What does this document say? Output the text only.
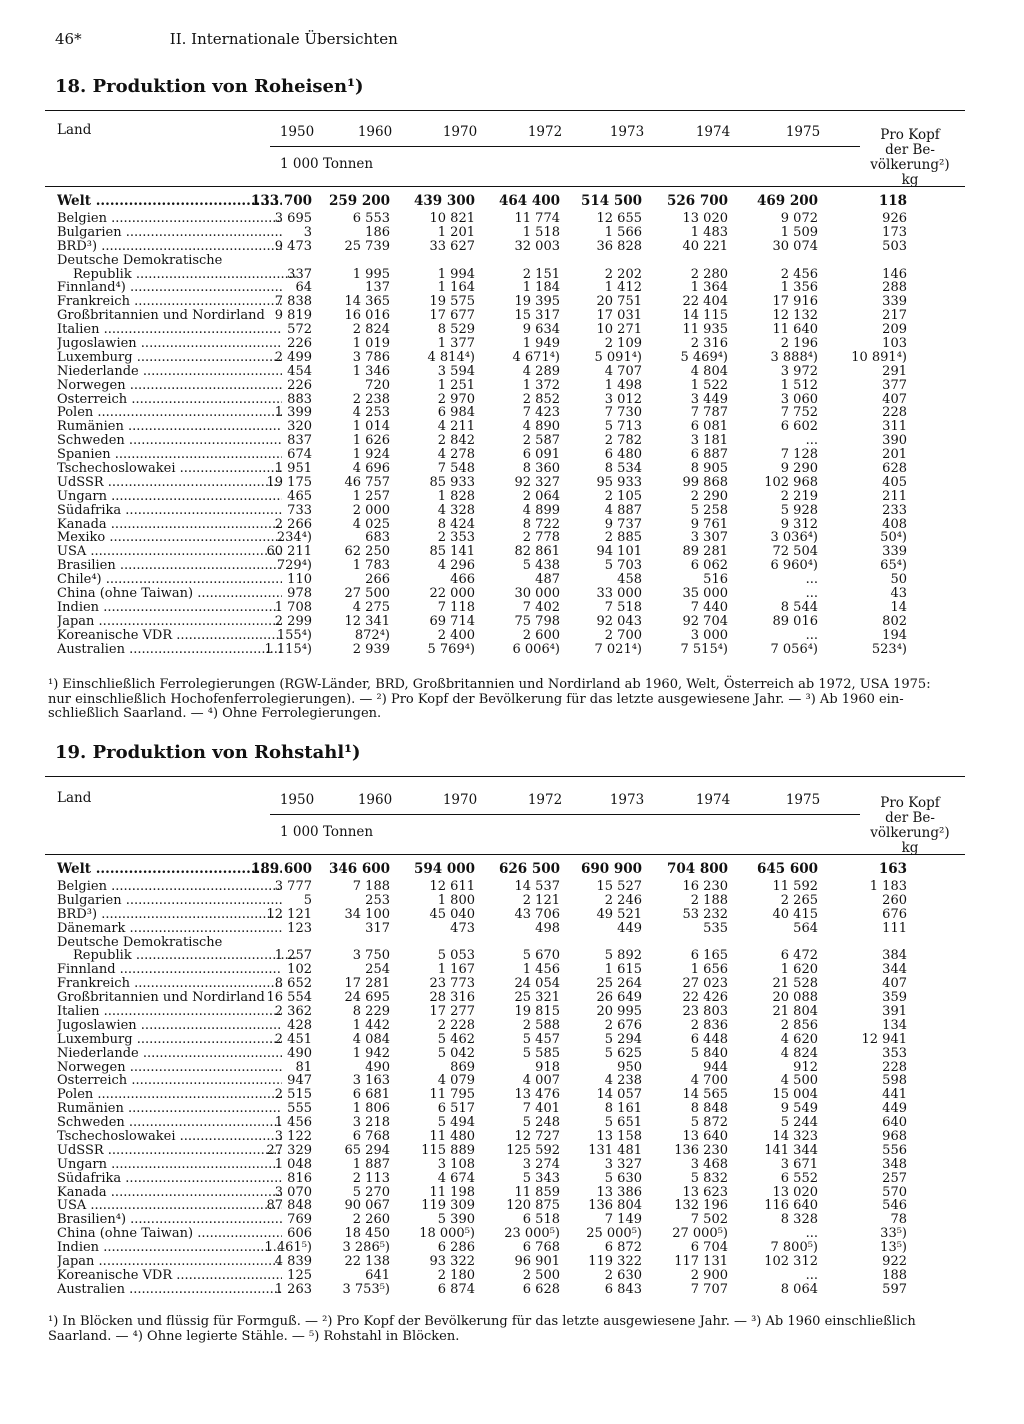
46*	II. Internationale Übersichten
18. Produktion von Roheisen¹)
Land	1950	1960	1970	1972	1973	1974	1975	Pro Kopf
der Be-
völkerung²)
kg
1 000 Tonnen
Welt .....	133 700	259 200	439 300	464 400	514 500	526 700	469 200	118
Belgien .....	3 695	6 553	10 821	11 774	12 655	13 020	9 072	926
Bulgarien .....	3	186	1 201	1 518	1 566	1 483	1 509	173
BRD³) .....	9 473	25 739	33 627	32 003	36 828	40 221	30 074	503
Deutsche Demokratische
Republik .....	337	1 995	1 994	2 151	2 202	2 280	2 456	146
Finnland⁴) .....	64	137	1 164	1 184	1 412	1 364	1 356	288
Frankreich .....	7 838	14 365	19 575	19 395	20 751	22 404	17 916	339
Großbritannien und Nordirland 9 819	16 016	17 677	15 317	17 031	14 115	12 132	217
Italien .....	572	2 824	8 529	9 634	10 271	11 935	11 640	209
Jugoslawien .....	226	1 019	1 377	1 949	2 109	2 316	2 196	103
Luxemburg .....	2 499	3 786	4 814⁴)	4 671⁴)	5 091⁴)	5 469⁴)	3 888⁴)	10 891⁴)
Niederlande .....	454	1 346	3 594	4 289	4 707	4 804	3 972	291
Norwegen .....	226	720	1 251	1 372	1 498	1 522	1 512	377
Österreich .....	883	2 238	2 970	2 852	3 012	3 449	3 060	407
Polen .....	1 399	4 253	6 984	7 423	7 730	7 787	7 752	228
Rumänien .....	320	1 014	4 211	4 890	5 713	6 081	6 602	311
Schweden .....	837	1 626	2 842	2 587	2 782	3 181	...	390
Spanien .....	674	1 924	4 278	6 091	6 480	6 887	7 128	201
Tschechoslowakei .....	1 951	4 696	7 548	8 360	8 534	8 905	9 290	628
UdSSR .....	19 175	46 757	85 933	92 327	95 933	99 868	102 968	405
Ungarn .....	465	1 257	1 828	2 064	2 105	2 290	2 219	211
Südafrika .....	733	2 000	4 328	4 899	4 887	5 258	5 928	233
Kanada .....	2 266	4 025	8 424	8 722	9 737	9 761	9 312	408
Mexiko .....	234⁴)	683	2 353	2 778	2 885	3 307	3 036⁴)	50⁴)
USA .....	60 211	62 250	85 141	82 861	94 101	89 281	72 504	339
Brasilien .....	729⁴)	1 783	4 296	5 438	5 703	6 062	6 960⁴)	65⁴)
Chile⁴) .....	110	266	466	487	458	516	...	50
China (ohne Taiwan) .....	978	27 500	22 000	30 000	33 000	35 000	...	43
Indien .....	1 708	4 275	7 118	7 402	7 518	7 440	8 544	14
Japan .....	2 299	12 341	69 714	75 798	92 043	92 704	89 016	802
Koreanische VDR .....	155⁴)	872⁴)	2 400	2 600	2 700	3 000	...	194
Australien .....	1 115⁴)	2 939	5 769⁴)	6 006⁴)	7 021⁴)	7 515⁴)	7 056⁴)	523⁴)
¹) Einschließlich Ferrolegierungen (RGW-Länder, BRD, Großbritannien und Nordirland ab 1960, Welt, Österreich ab 1972, USA 1975:
nur einschließlich Hochofenferrolegierungen). — ²) Pro Kopf der Bevölkerung für das letzte ausgewiesene Jahr. — ³) Ab 1960 ein-
schließlich Saarland. — ⁴) Ohne Ferrolegierungen.
19. Produktion von Rohstahl¹)
Land	1950	1960	1970	1972	1973	1974	1975	Pro Kopf
der Be-
völkerung²)
kg
1 000 Tonnen
Welt .....	189 600	346 600	594 000	626 500	690 900	704 800	645 600	163
Belgien .....	3 777	7 188	12 611	14 537	15 527	16 230	11 592	1 183
Bulgarien .....	5	253	1 800	2 121	2 246	2 188	2 265	260
BRD³) .....	12 121	34 100	45 040	43 706	49 521	53 232	40 415	676
Dänemark .....	123	317	473	498	449	535	564	111
Deutsche Demokratische
Republik .....	1 257	3 750	5 053	5 670	5 892	6 165	6 472	384
Finnland .....	102	254	1 167	1 456	1 615	1 656	1 620	344
Frankreich .....	8 652	17 281	23 773	24 054	25 264	27 023	21 528	407
Großbritannien und Nordirland 16 554	24 695	28 316	25 321	26 649	22 426	20 088	359
Italien .....	2 362	8 229	17 277	19 815	20 995	23 803	21 804	391
Jugoslawien .....	428	1 442	2 228	2 588	2 676	2 836	2 856	134
Luxemburg .....	2 451	4 084	5 462	5 457	5 294	6 448	4 620	12 941
Niederlande .....	490	1 942	5 042	5 585	5 625	5 840	4 824	353
Norwegen .....	81	490	869	918	950	944	912	228
Österreich .....	947	3 163	4 079	4 007	4 238	4 700	4 500	598
Polen .....	2 515	6 681	11 795	13 476	14 057	14 565	15 004	441
Rumänien .....	555	1 806	6 517	7 401	8 161	8 848	9 549	449
Schweden .....	1 456	3 218	5 494	5 248	5 651	5 872	5 244	640
Tschechoslowakei .....	3 122	6 768	11 480	12 727	13 158	13 640	14 323	968
UdSSR .....	27 329	65 294	115 889	125 592	131 481	136 230	141 344	556
Ungarn .....	1 048	1 887	3 108	3 274	3 327	3 468	3 671	348
Südafrika .....	816	2 113	4 674	5 343	5 630	5 832	6 552	257
Kanada .....	3 070	5 270	11 198	11 859	13 386	13 623	13 020	570
USA .....	87 848	90 067	119 309	120 875	136 804	132 196	116 640	546
Brasilien⁴) .....	769	2 260	5 390	6 518	7 149	7 502	8 328	78
China (ohne Taiwan) .....	606	18 450	18 000⁵)	23 000⁵)	25 000⁵)	27 000⁵)	...	33⁵)
Indien .....	1 461⁵)	3 286⁵)	6 286	6 768	6 872	6 704	7 800⁵)	13⁵)
Japan .....	4 839	22 138	93 322	96 901	119 322	117 131	102 312	922
Koreanische VDR .....	125	641	2 180	2 500	2 630	2 900	...	188
Australien .....	1 263	3 753⁵)	6 874	6 628	6 843	7 707	8 064	597
¹) In Blöcken und flüssig für Formguß. — ²) Pro Kopf der Bevölkerung für das letzte ausgewiesene Jahr. — ³) Ab 1960 einschließlich
Saarland. — ⁴) Ohne legierte Stähle. — ⁵) Rohstahl in Blöcken.
